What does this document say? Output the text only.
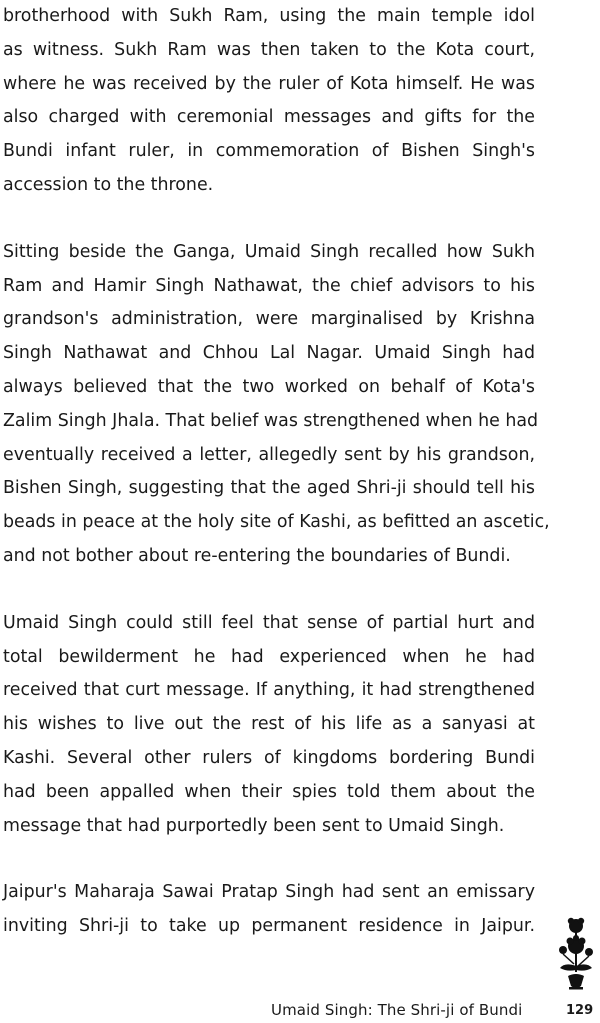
brotherhood with Sukh Ram, using the main temple idol
as witness. Sukh Ram was then taken to the Kota court,
where he was received by the ruler of Kota himself. He was
also charged with ceremonial messages and gifts for the
Bundi infant ruler, in commemoration of Bishen Singh's
accession to the throne.
Sitting beside the Ganga, Umaid Singh recalled how Sukh
Ram and Hamir Singh Nathawat, the chief advisors to his
grandson's administration, were marginalised by Krishna
Singh Nathawat and Chhou Lal Nagar. Umaid Singh had
always believed that the two worked on behalf of Kota's
Zalim Singh Jhala. That belief was strengthened when he had
eventually received a letter, allegedly sent by his grandson,
Bishen Singh, suggesting that the aged Shri-ji should tell his
beads in peace at the holy site of Kashi, as befitted an ascetic,
and not bother about re-entering the boundaries of Bundi.
Umaid Singh could still feel that sense of partial hurt and
total bewilderment he had experienced when he had
received that curt message. If anything, it had strengthened
his wishes to live out the rest of his life as a sanyasi at
Kashi. Several other rulers of kingdoms bordering Bundi
had been appalled when their spies told them about the
message that had purportedly been sent to Umaid Singh.
Jaipur's Maharaja Sawai Pratap Singh had sent an emissary
inviting Shri-ji to take up permanent residence in Jaipur.
Umaid Singh: The Shri-ji of Bundi	129
